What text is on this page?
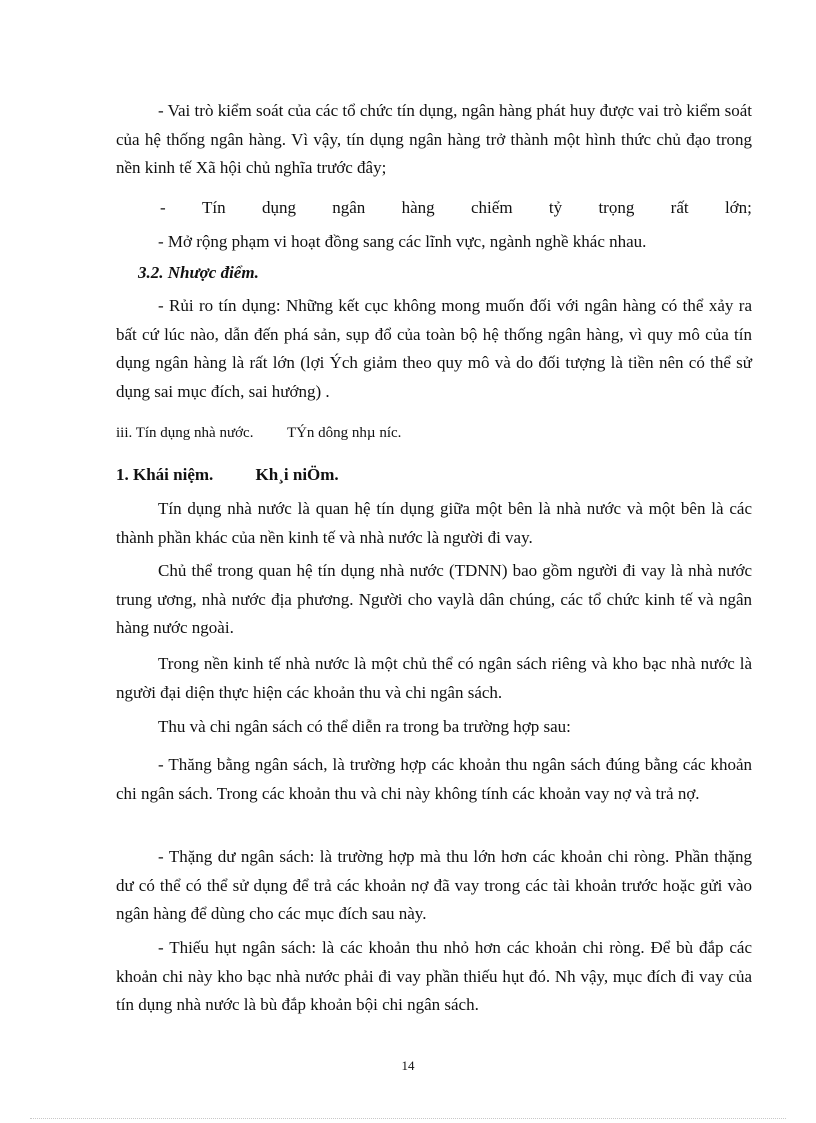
- Vai trò kiểm soát của các tổ chức tín dụng, ngân hàng phát huy được vai trò kiểm soát của hệ thống ngân hàng. Vì vậy, tín dụng ngân hàng trở thành một hình thức chủ đạo trong nền kinh tế Xã hội chủ nghĩa trước đây;

- Tín dụng ngân hàng chiếm tỷ trọng rất lớn;

- Mở rộng phạm vi hoạt đồng sang các lĩnh vực, ngành nghề khác nhau.

3.2. Nhược điểm.

- Rủi ro tín dụng: Những kết cục không mong muốn đối với ngân hàng có thể xảy ra bất cứ lúc nào, dẫn đến phá sản, sụp đổ của toàn bộ hệ thống ngân hàng, vì quy mô của tín dụng ngân hàng là rất lớn (lợi Ých giảm theo quy mô và do đối tượng là tiền nên có thể sử dụng sai mục đích, sai hướng) .

iii. Tín dụng nhà nước. TÝn dông nhµ níc.
1. Khái niệm. Kh¸i niÖm.

Tín dụng nhà nước là quan hệ tín dụng giữa một bên là nhà nước và một bên là các thành phần khác của nền kinh tế và nhà nước là người đi vay.

Chủ thể trong quan hệ tín dụng nhà nước (TDNN) bao gồm người đi vay là nhà nước trung ương, nhà nước địa phương. Người cho vaylà dân chúng, các tổ chức kinh tế và ngân hàng nước ngoài.

Trong nền kinh tế nhà nước là một chủ thể có ngân sách riêng và kho bạc nhà nước là người đại diện thực hiện các khoản thu và chi ngân sách.

Thu và chi ngân sách có thể diễn ra trong ba trường hợp sau:

- Thăng bằng ngân sách, là trường hợp các khoản thu ngân sách đúng bằng các khoản chi ngân sách. Trong các khoản thu và chi này không tính các khoản vay nợ và trả nợ.

- Thặng dư ngân sách: là trường hợp mà thu lớn hơn các khoản chi ròng. Phần thặng dư có thể có thể sử dụng để trả các khoản nợ đã vay trong các tài khoản trước hoặc gửi vào ngân hàng để dùng cho các mục đích sau này.

- Thiếu hụt ngân sách: là các khoản thu nhỏ hơn các khoản chi ròng. Để bù đắp các khoản chi này kho bạc nhà nước phải đi vay phần thiếu hụt đó. Nh vậy, mục đích đi vay của tín dụng nhà nước là bù đắp khoản bội chi ngân sách.

14
